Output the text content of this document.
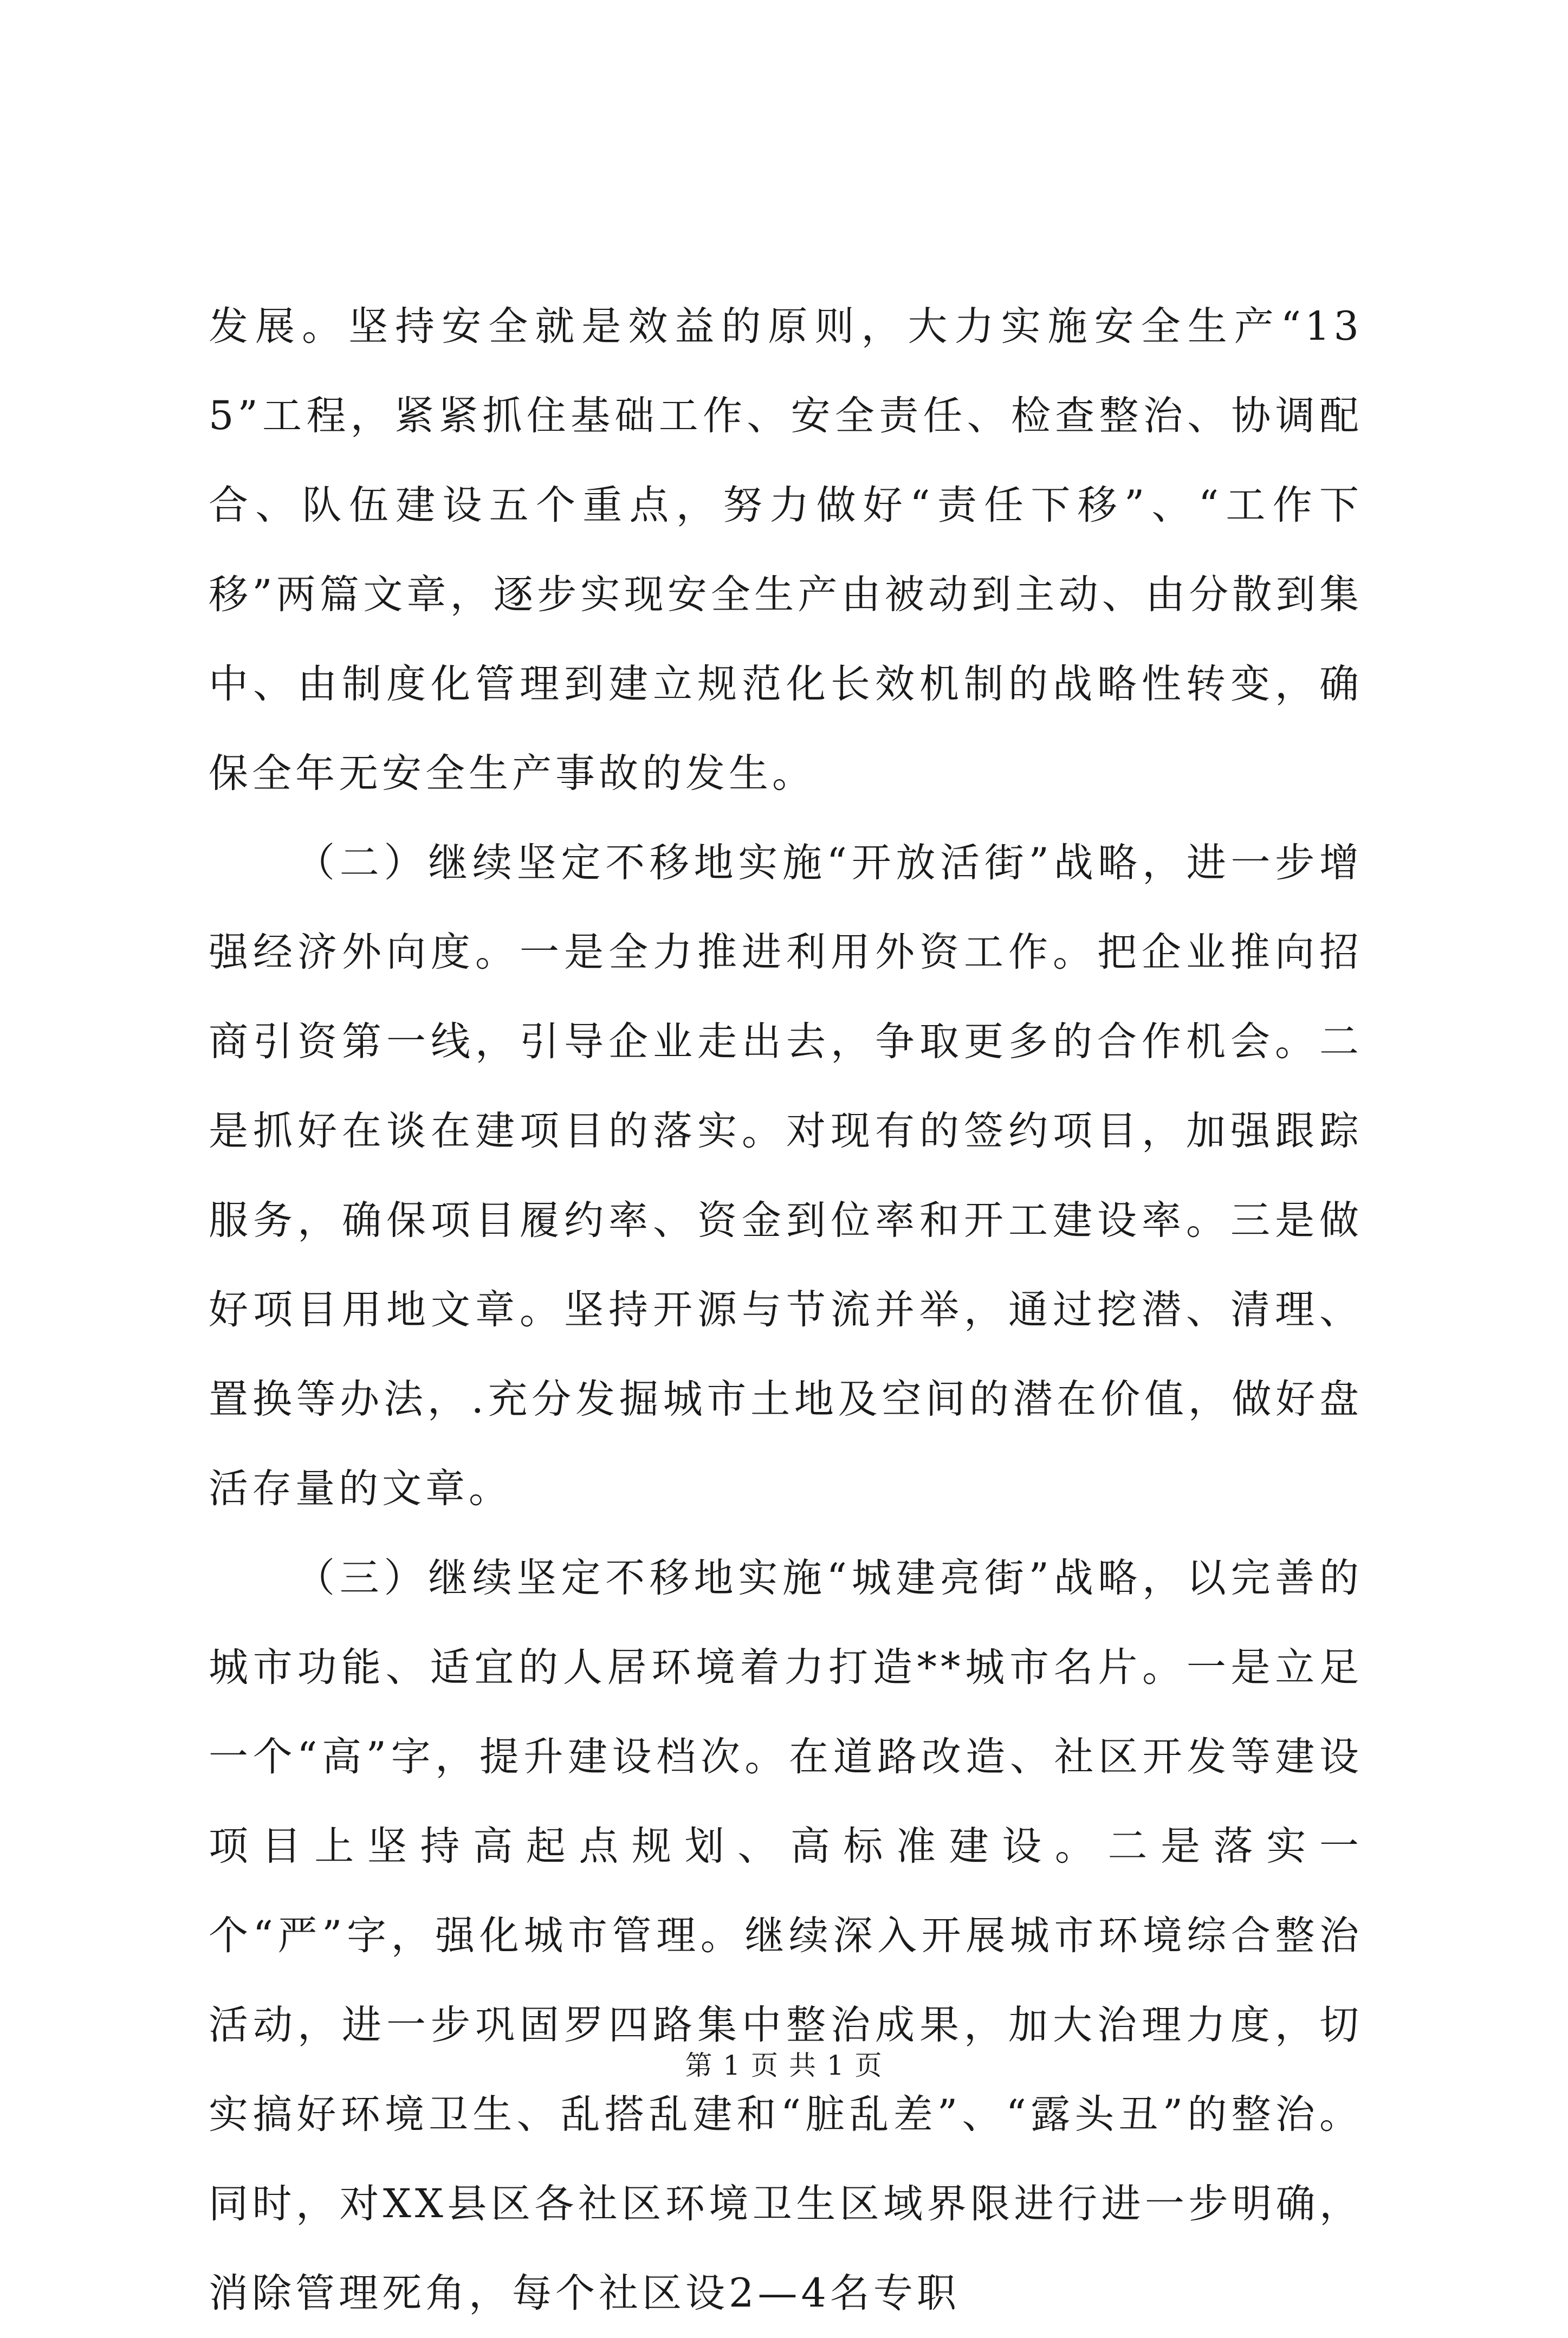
发展。坚持安全就是效益的原则，大力实施安全生产“135”工程，紧紧抓住基础工作、安全责任、检查整治、协调配合、队伍建设五个重点，努力做好“责任下移”、“工作下移”两篇文章，逐步实现安全生产由被动到主动、由分散到集中、由制度化管理到建立规范化长效机制的战略性转变，确保全年无安全生产事故的发生。

（二）继续坚定不移地实施“开放活街”战略，进一步增强经济外向度。一是全力推进利用外资工作。把企业推向招商引资第一线，引导企业走出去，争取更多的合作机会。二是抓好在谈在建项目的落实。对现有的签约项目，加强跟踪服务，确保项目履约率、资金到位率和开工建设率。三是做好项目用地文章。坚持开源与节流并举，通过挖潜、清理、置换等办法，.充分发掘城市土地及空间的潜在价值，做好盘活存量的文章。

（三）继续坚定不移地实施“城建亮街”战略，以完善的城市功能、适宜的人居环境着力打造**城市名片。一是立足一个“高”字，提升建设档次。在道路改造、社区开发等建设项目上坚持高起点规划、高标准建设。二是落实一个“严”字，强化城市管理。继续深入开展城市环境综合整治活动，进一步巩固罗四路集中整治成果，加大治理力度，切实搞好环境卫生、乱搭乱建和“脏乱差”、“露头丑”的整治。同时，对XX县区各社区环境卫生区域界限进行进一步明确，消除管理死角，每个社区设2—4名专职

第 1 页 共 1 页
